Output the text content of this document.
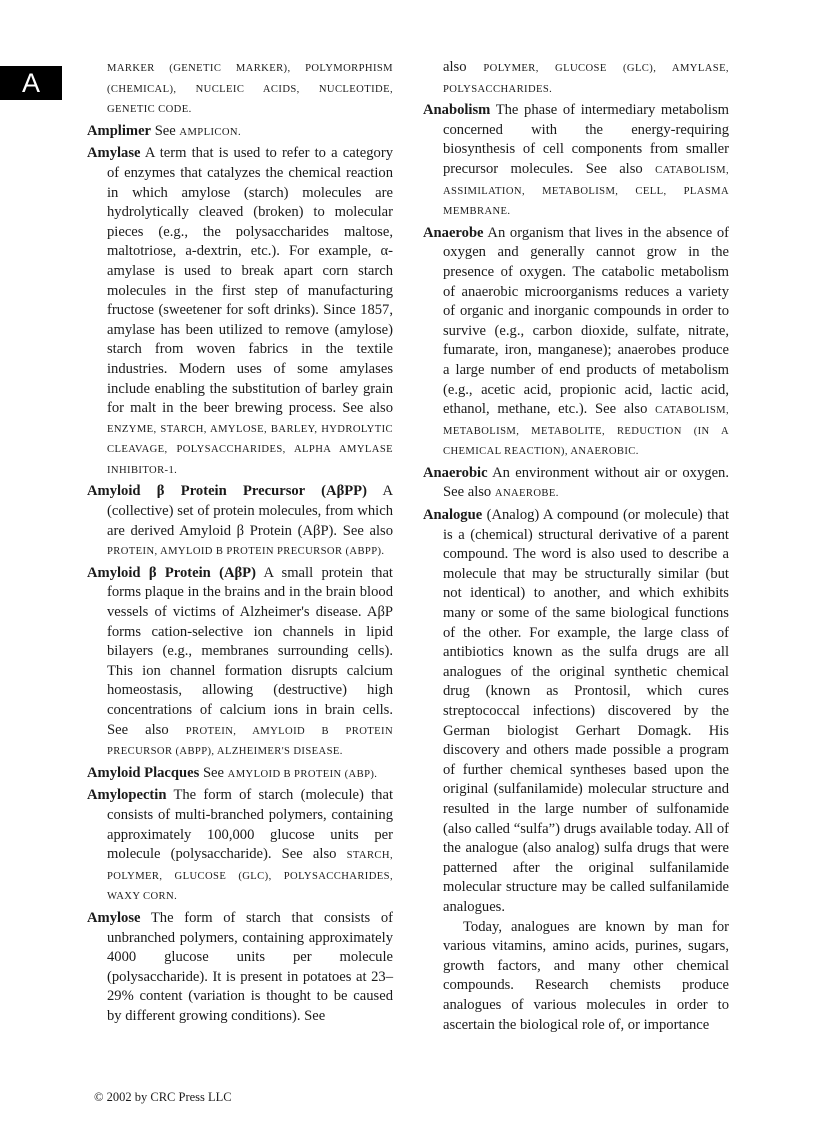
A	MARKER (GENETIC MARKER), POLYMORPHISM (CHEMICAL), NUCLEIC ACIDS, NUCLEOTIDE, GENETIC CODE.

Amplimer See AMPLICON.

Amylase A term that is used to refer to a category of enzymes that catalyzes the chemical reaction in which amylose (starch) molecules are hydrolytically cleaved (broken) to molecular pieces (e.g., the polysaccharides maltose, maltotriose, a-dextrin, etc.). For example, α-amylase is used to break apart corn starch molecules in the first step of manufacturing fructose (sweetener for soft drinks). Since 1857, amylase has been utilized to remove (amylose) starch from woven fabrics in the textile industries. Modern uses of some amylases include enabling the substitution of barley grain for malt in the beer brewing process. See also ENZYME, STARCH, AMYLOSE, BARLEY, HYDROLYTIC CLEAVAGE, POLYSACCHARIDES, ALPHA AMYLASE INHIBITOR-1.

Amyloid β Protein Precursor (AβPP) A (collective) set of protein molecules, from which are derived Amyloid β Protein (AβP). See also PROTEIN, AMYLOID Β PROTEIN PRECURSOR (AΒPP).

Amyloid β Protein (AβP) A small protein that forms plaque in the brains and in the brain blood vessels of victims of Alzheimer's disease. AβP forms cation-selective ion channels in lipid bilayers (e.g., membranes surrounding cells). This ion channel formation disrupts calcium homeostasis, allowing (destructive) high concentrations of calcium ions in brain cells. See also PROTEIN, AMYLOID Β PROTEIN PRECURSOR (AΒPP), ALZHEIMER'S DISEASE.

Amyloid Placques See AMYLOID Β PROTEIN (AΒP).

Amylopectin The form of starch (molecule) that consists of multi-branched polymers, containing approximately 100,000 glucose units per molecule (polysaccharide). See also STARCH, POLYMER, GLUCOSE (GLC), POLYSACCHARIDES, WAXY CORN.

Amylose The form of starch that consists of unbranched polymers, containing approximately 4000 glucose units per molecule (polysaccharide). It is present in potatoes at 23–29% content (variation is thought to be caused by different growing conditions). See

also POLYMER, GLUCOSE (GLC), AMYLASE, POLYSACCHARIDES.

Anabolism The phase of intermediary metabolism concerned with the energy-requiring biosynthesis of cell components from smaller precursor molecules. See also CATABOLISM, ASSIMILATION, METABOLISM, CELL, PLASMA MEMBRANE.

Anaerobe An organism that lives in the absence of oxygen and generally cannot grow in the presence of oxygen. The catabolic metabolism of anaerobic microorganisms reduces a variety of organic and inorganic compounds in order to survive (e.g., carbon dioxide, sulfate, nitrate, fumarate, iron, manganese); anaerobes produce a large number of end products of metabolism (e.g., acetic acid, propionic acid, lactic acid, ethanol, methane, etc.). See also CATABOLISM, METABOLISM, METABOLITE, REDUCTION (IN A CHEMICAL REACTION), ANAEROBIC.

Anaerobic An environment without air or oxygen. See also ANAEROBE.

Analogue (Analog) A compound (or molecule) that is a (chemical) structural derivative of a parent compound. The word is also used to describe a molecule that may be structurally similar (but not identical) to another, and which exhibits many or some of the same biological functions of the other. For example, the large class of antibiotics known as the sulfa drugs are all analogues of the original synthetic chemical drug (known as Prontosil, which cures streptococcal infections) discovered by the German biologist Gerhart Domagk. His discovery and others made possible a program of further chemical syntheses based upon the original (sulfanilamide) molecular structure and resulted in the large number of sulfonamide (also called “sulfa”) drugs available today. All of the analogue (also analog) sulfa drugs that were patterned after the original sulfanilamide molecular structure may be called sulfanilamide analogues.

Today, analogues are known by man for various vitamins, amino acids, purines, sugars, growth factors, and many other chemical compounds. Research chemists produce analogues of various molecules in order to ascertain the biological role of, or importance

© 2002 by CRC Press LLC
